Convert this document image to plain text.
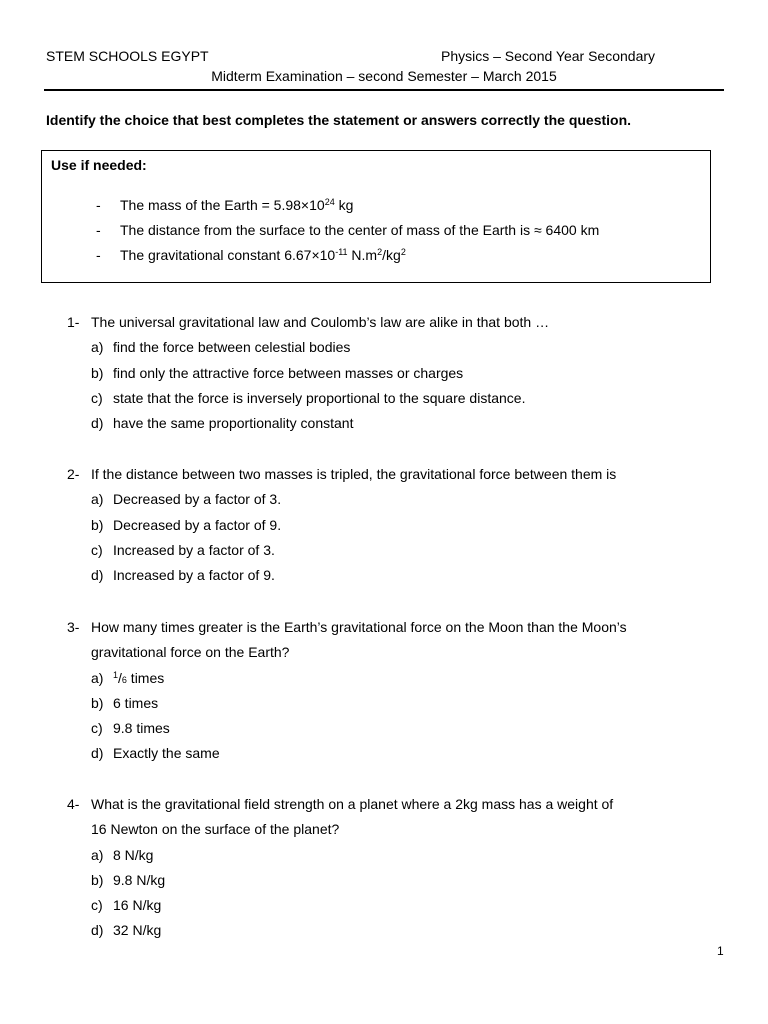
STEM SCHOOLS EGYPT	Physics – Second Year Secondary
Midterm Examination – second Semester – March 2015
Identify the choice that best completes the statement or answers correctly the question.
Use if needed:
- The mass of the Earth = $5.98\times 10^{24}$ kg
- The distance from the surface to the center of mass of the Earth is ≈ 6400 km
- The gravitational constant $6.67\times 10^{-11}$ $N.m^2/kg^2$
1- The universal gravitational law and Coulomb’s law are alike in that both …
a) find the force between celestial bodies
b) find only the attractive force between masses or charges
c) state that the force is inversely proportional to the square distance.
d) have the same proportionality constant
2- If the distance between two masses is tripled, the gravitational force between them is
a) Decreased by a factor of 3.
b) Decreased by a factor of 9.
c) Increased by a factor of 3.
d) Increased by a factor of 9.
3- How many times greater is the Earth’s gravitational force on the Moon than the Moon’s
gravitational force on the Earth?
a) $^1/_6$ times
b) 6 times
c) 9.8 times
d) Exactly the same
4- What is the gravitational field strength on a planet where a 2kg mass has a weight of
16 Newton on the surface of the planet?
a) 8 N/kg
b) 9.8 N/kg
c) 16 N/kg
d) 32 N/kg
1
